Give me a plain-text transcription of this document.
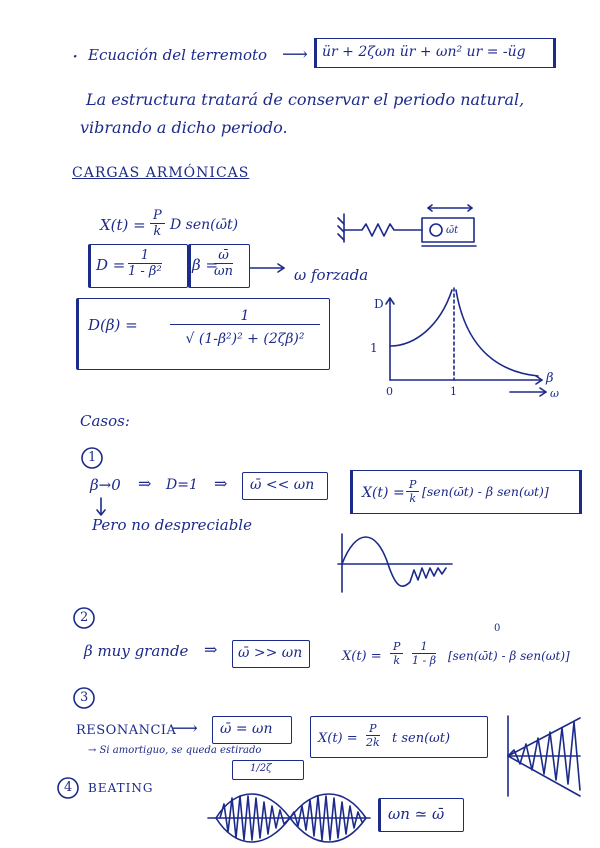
· Ecuación del terremoto ⟶ ür + 2ζωn ür + ωn² ur = -üg
La estructura tratará de conservar el periodo natural,
vibrando a dicho periodo.
CARGAS ARMÓNICAS
$X(t) = \frac{P}{k}$ D sen(ω̄t)	ω̄t
$D = \frac{1}{\text{1 - β²}}$ β =
$\frac{\omegā}{\omega n}$	ω forzada
$D(\beta) = \frac{1}{\text{√ (1-β²)² + (2ζβ)²}}$
D
β
1
0	1	ω
Casos:
1
β→0 ⇒ D=1 ⇒ ω̄ << ωn
Pero no despreciable
$X(t) = \frac{P}{k}$ [sen(ω̄t) - β sen(ωt)]
2
β muy grande ⇒ ω̄ >> ωn	$X(t) = \frac{P}{k} \frac{1}{1 - \beta}$ [sen(ω̄t) - β sen(ωt)]
0
3
RESONANCIA
⟶ ω̄ = ωn
→ Si amortiguo, se queda estirado
$X(t) = \frac{P}{2k}$ t sen(ωt)
1/2ζ
4 BEATING
ωn ≃ ω̄
